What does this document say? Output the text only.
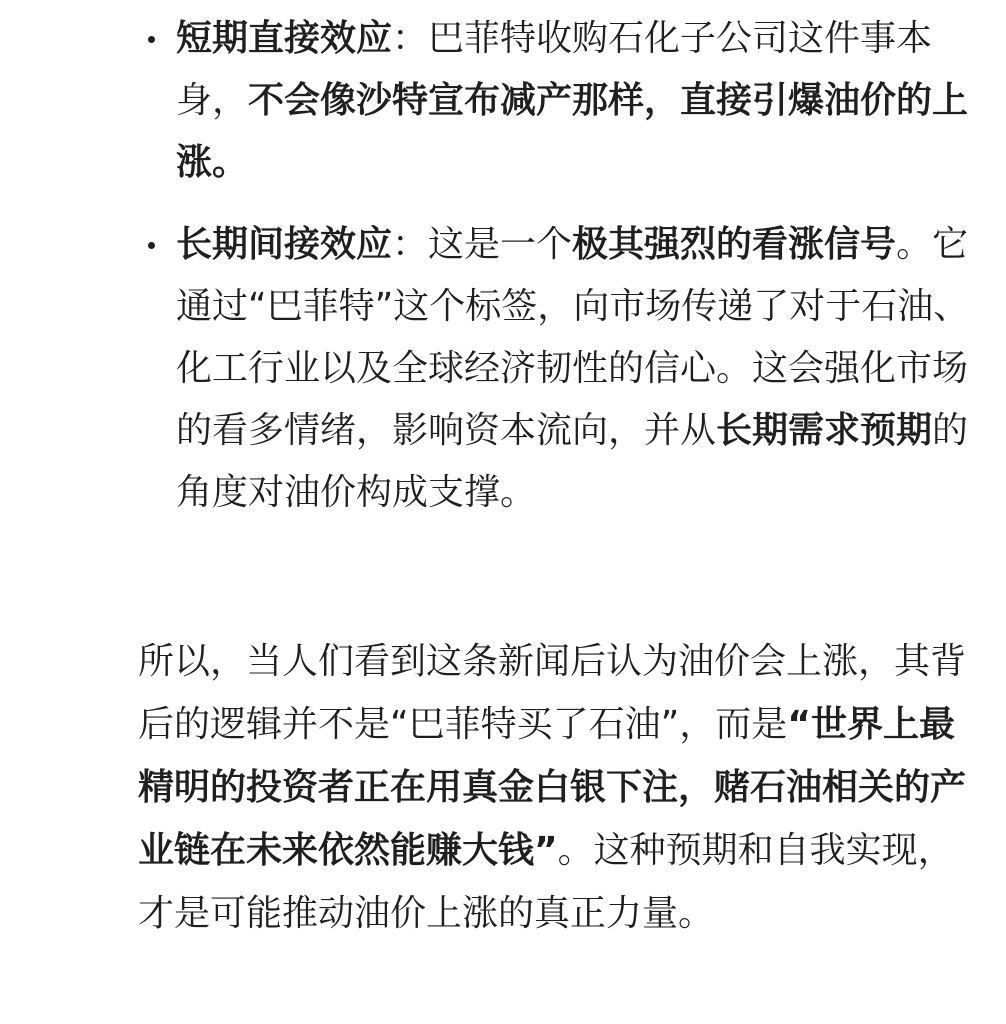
短期直接效应：巴菲特收购石化子公司这件事本身，不会像沙特宣布减产那样，直接引爆油价的上涨。
长期间接效应：这是一个极其强烈的看涨信号。它通过“巴菲特”这个标签，向市场传递了对于石油、化工行业以及全球经济韧性的信心。这会强化市场的看多情绪，影响资本流向，并从长期需求预期的角度对油价构成支撑。

所以，当人们看到这条新闻后认为油价会上涨，其背后的逻辑并不是“巴菲特买了石油”，而是“世界上最精明的投资者正在用真金白银下注，赌石油相关的产业链在未来依然能赚大钱”。这种预期和自我实现，才是可能推动油价上涨的真正力量。
